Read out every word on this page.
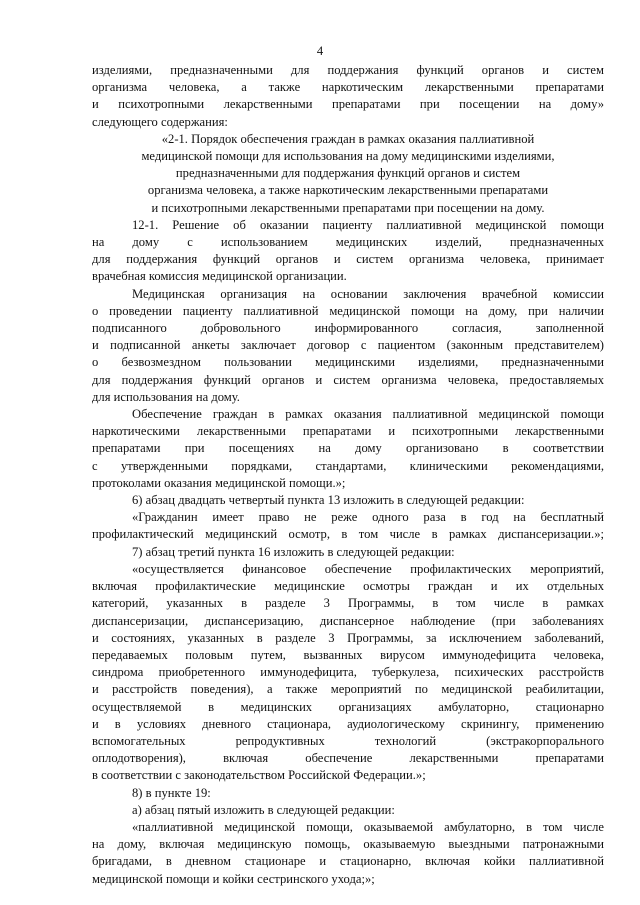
4
изделиями, предназначенными для поддержания функций органов и систем
организма человека, а также наркотическим лекарственными препаратами
и психотропными лекарственными препаратами при посещении на дому»
следующего содержания:
«2-1. Порядок обеспечения граждан в рамках оказания паллиативной
медицинской помощи для использования на дому медицинскими изделиями,
предназначенными для поддержания функций органов и систем
организма человека, а также наркотическим лекарственными препаратами
и психотропными лекарственными препаратами при посещении на дому.
12-1. Решение об оказании пациенту паллиативной медицинской помощи
на дому с использованием медицинских изделий, предназначенных
для поддержания функций органов и систем организма человека, принимает
врачебная комиссия медицинской организации.
Медицинская организация на основании заключения врачебной комиссии
о проведении пациенту паллиативной медицинской помощи на дому, при наличии
подписанного добровольного информированного согласия, заполненной
и подписанной анкеты заключает договор с пациентом (законным представителем)
о безвозмездном пользовании медицинскими изделиями, предназначенными
для поддержания функций органов и систем организма человека, предоставляемых
для использования на дому.
Обеспечение граждан в рамках оказания паллиативной медицинской помощи
наркотическими лекарственными препаратами и психотропными лекарственными
препаратами при посещениях на дому организовано в соответствии
с утвержденными порядками, стандартами, клиническими рекомендациями,
протоколами оказания медицинской помощи.»;
6) абзац двадцать четвертый пункта 13 изложить в следующей редакции:
«Гражданин имеет право не реже одного раза в год на бесплатный
профилактический медицинский осмотр, в том числе в рамках диспансеризации.»;
7) абзац третий пункта 16 изложить в следующей редакции:
«осуществляется финансовое обеспечение профилактических мероприятий,
включая профилактические медицинские осмотры граждан и их отдельных
категорий, указанных в разделе 3 Программы, в том числе в рамках
диспансеризации, диспансеризацию, диспансерное наблюдение (при заболеваниях
и состояниях, указанных в разделе 3 Программы, за исключением заболеваний,
передаваемых половым путем, вызванных вирусом иммунодефицита человека,
синдрома приобретенного иммунодефицита, туберкулеза, психических расстройств
и расстройств поведения), а также мероприятий по медицинской реабилитации,
осуществляемой в медицинских организациях амбулаторно, стационарно
и в условиях дневного стационара, аудиологическому скринингу, применению
вспомогательных репродуктивных технологий (экстракорпорального
оплодотворения), включая обеспечение лекарственными препаратами
в соответствии с законодательством Российской Федерации.»;
8) в пункте 19:
а) абзац пятый изложить в следующей редакции:
«паллиативной медицинской помощи, оказываемой амбулаторно, в том числе
на дому, включая медицинскую помощь, оказываемую выездными патронажными
бригадами, в дневном стационаре и стационарно, включая койки паллиативной
медицинской помощи и койки сестринского ухода;»;
